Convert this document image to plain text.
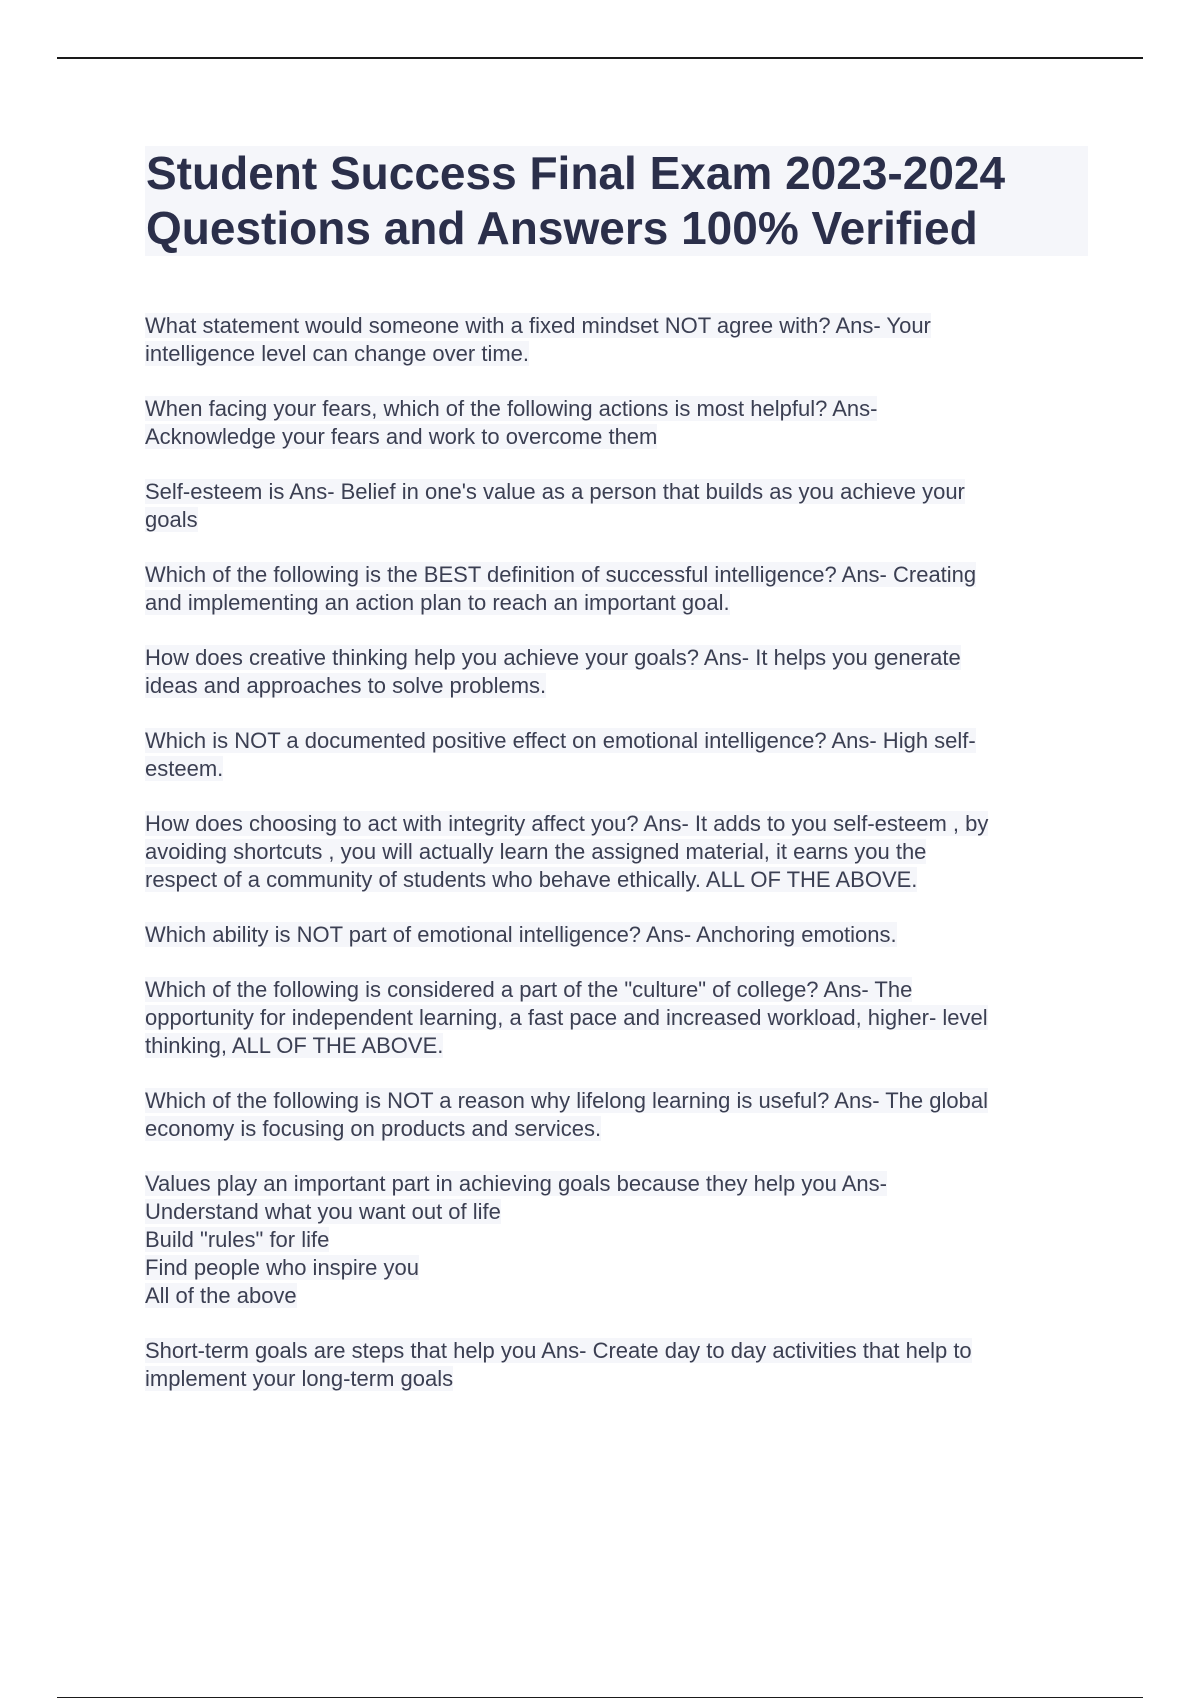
Student Success Final Exam 2023-2024
Questions and Answers 100% Verified
What statement would someone with a fixed mindset NOT agree with? Ans- Your
intelligence level can change over time.
When facing your fears, which of the following actions is most helpful? Ans-
Acknowledge your fears and work to overcome them
Self-esteem is Ans- Belief in one's value as a person that builds as you achieve your
goals
Which of the following is the BEST definition of successful intelligence? Ans- Creating
and implementing an action plan to reach an important goal.
How does creative thinking help you achieve your goals? Ans- It helps you generate
ideas and approaches to solve problems.
Which is NOT a documented positive effect on emotional intelligence? Ans- High self-
esteem.
How does choosing to act with integrity affect you? Ans- It adds to you self-esteem , by
avoiding shortcuts , you will actually learn the assigned material, it earns you the
respect of a community of students who behave ethically. ALL OF THE ABOVE.
Which ability is NOT part of emotional intelligence? Ans- Anchoring emotions.
Which of the following is considered a part of the "culture" of college? Ans- The
opportunity for independent learning, a fast pace and increased workload, higher- level
thinking, ALL OF THE ABOVE.
Which of the following is NOT a reason why lifelong learning is useful? Ans- The global
economy is focusing on products and services.
Values play an important part in achieving goals because they help you Ans-
Understand what you want out of life
Build "rules" for life
Find people who inspire you
All of the above
Short-term goals are steps that help you Ans- Create day to day activities that help to
implement your long-term goals
